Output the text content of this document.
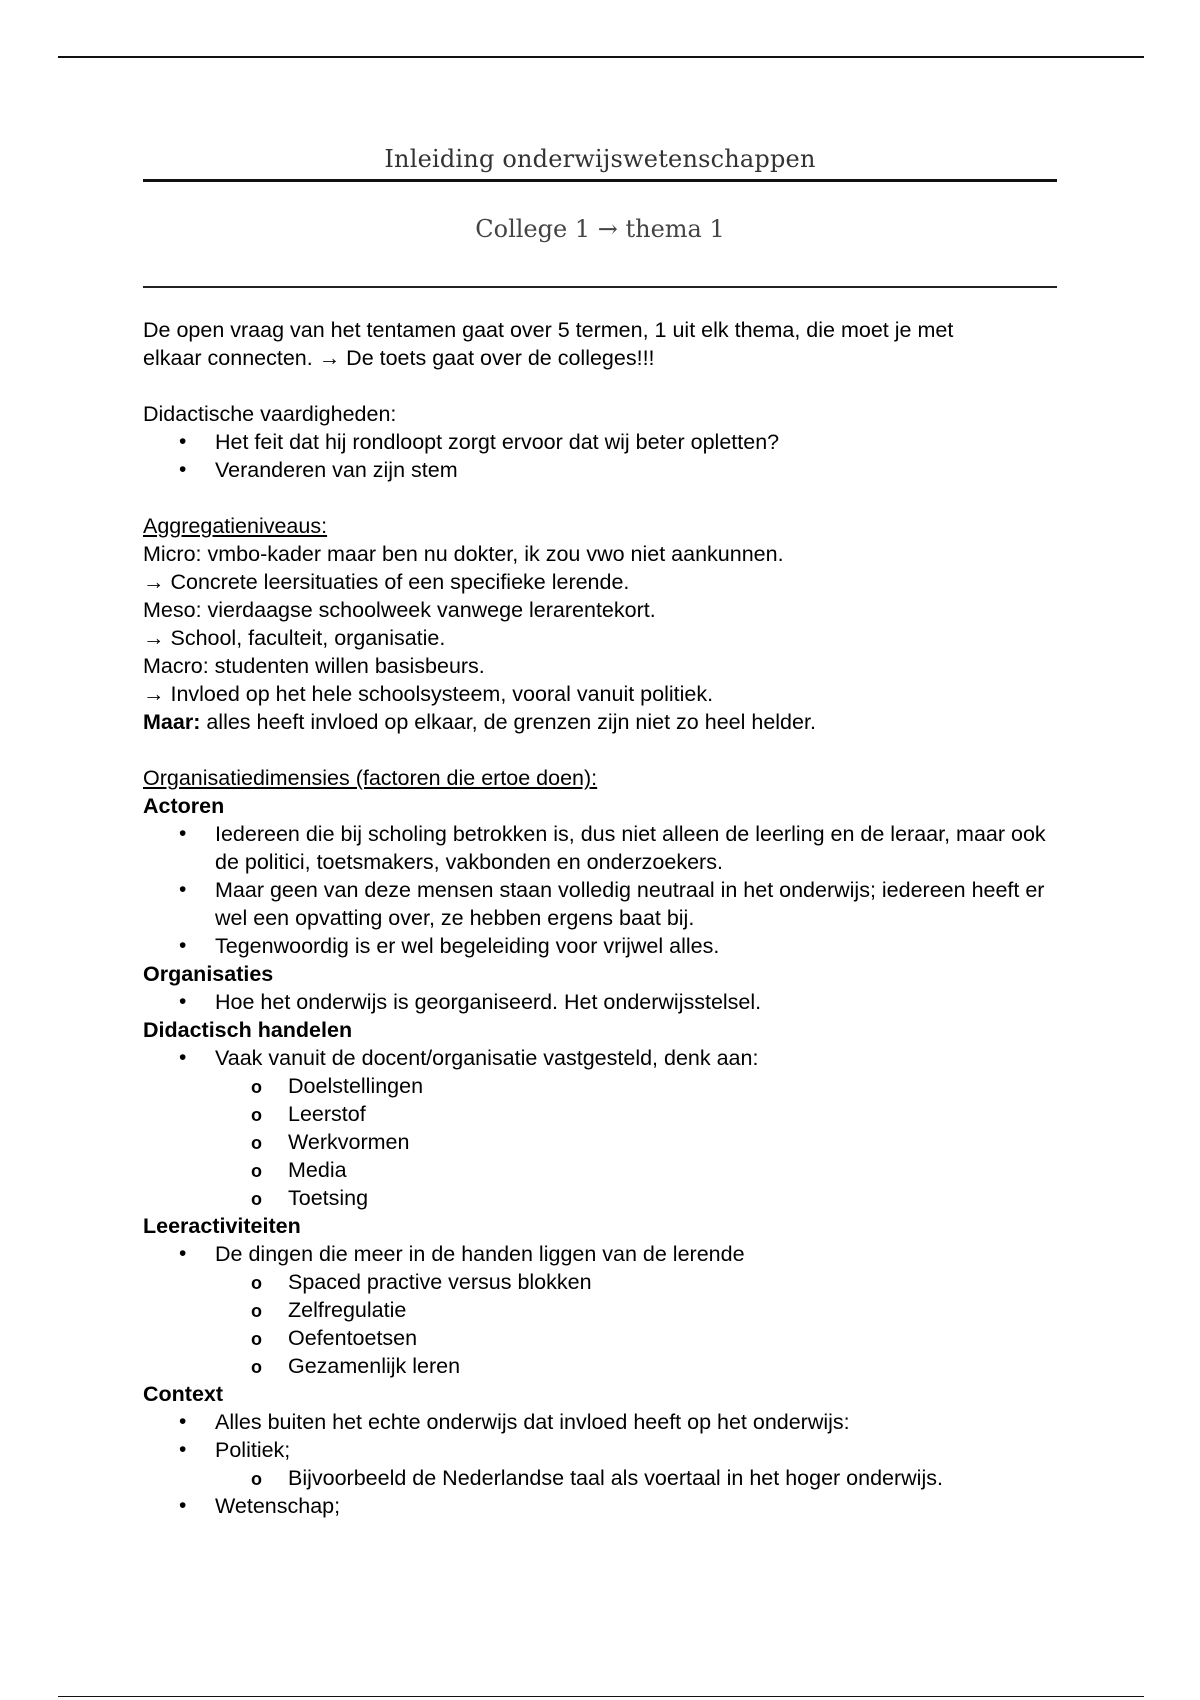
Inleiding onderwijswetenschappen
College 1 → thema 1

De open vraag van het tentamen gaat over 5 termen, 1 uit elk thema, die moet je met

elkaar connecten. → De toets gaat over de colleges!!!

Didactische vaardigheden:

• Het feit dat hij rondloopt zorgt ervoor dat wij beter opletten?
• Veranderen van zijn stem

Aggregatieniveaus:

Micro: vmbo-kader maar ben nu dokter, ik zou vwo niet aankunnen.

→ Concrete leersituaties of een specifieke lerende.

Meso: vierdaagse schoolweek vanwege lerarentekort.

→ School, faculteit, organisatie.

Macro: studenten willen basisbeurs.

→ Invloed op het hele schoolsysteem, vooral vanuit politiek.

Maar: alles heeft invloed op elkaar, de grenzen zijn niet zo heel helder.

Organisatiedimensies (factoren die ertoe doen):

Actoren

• Iedereen die bij scholing betrokken is, dus niet alleen de leerling en de leraar, maar ook de politici, toetsmakers, vakbonden en onderzoekers.
• Maar geen van deze mensen staan volledig neutraal in het onderwijs; iedereen heeft er wel een opvatting over, ze hebben ergens baat bij.
• Tegenwoordig is er wel begeleiding voor vrijwel alles.

Organisaties

• Hoe het onderwijs is georganiseerd. Het onderwijsstelsel.

Didactisch handelen

• Vaak vanuit de docent/organisatie vastgesteld, denk aan:
o Doelstellingen
o Leerstof
o Werkvormen
o Media
o Toetsing

Leeractiviteiten

• De dingen die meer in de handen liggen van de lerende
o Spaced practive versus blokken
o Zelfregulatie
o Oefentoetsen
o Gezamenlijk leren

Context

• Alles buiten het echte onderwijs dat invloed heeft op het onderwijs:
• Politiek;
o Bijvoorbeeld de Nederlandse taal als voertaal in het hoger onderwijs.
• Wetenschap;
